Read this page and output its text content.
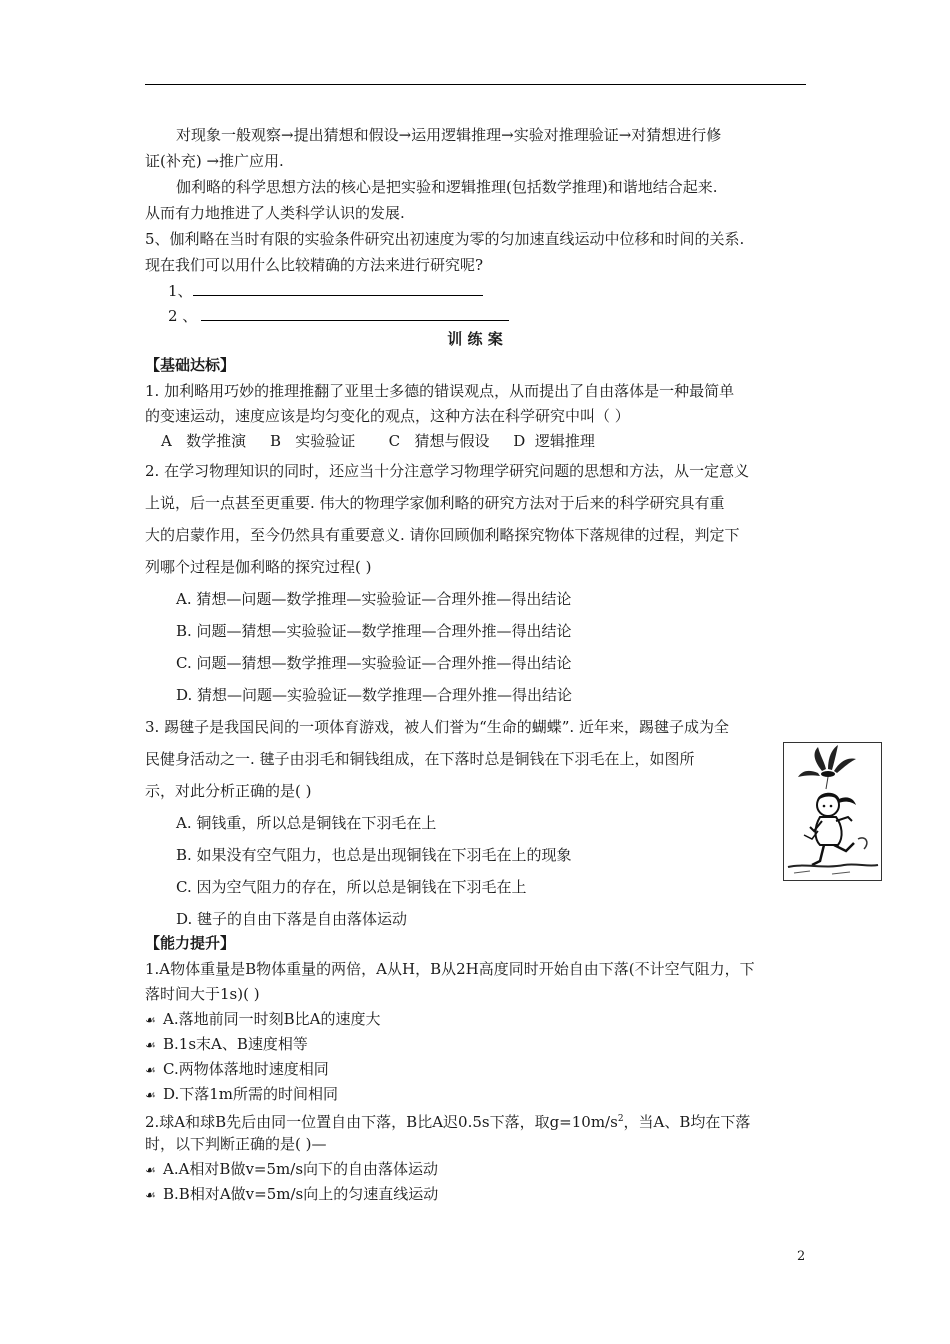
对现象一般观察→提出猜想和假设→运用逻辑推理→实验对推理验证→对猜想进行修
证(补充) →推广应用.
伽利略的科学思想方法的核心是把实验和逻辑推理(包括数学推理)和谐地结合起来.
从而有力地推进了人类科学认识的发展.
5、伽利略在当时有限的实验条件研究出初速度为零的匀加速直线运动中位移和时间的关系.
现在我们可以用什么比较精确的方法来进行研究呢?
1、
2 、
训 练 案
【基础达标】
1. 加利略用巧妙的推理推翻了亚里士多德的错误观点，从而提出了自由落体是一种最简单
的变速运动，速度应该是均匀变化的观点，这种方法在科学研究中叫（ ）
A   数学推演     B   实验验证       C   猜想与假设     D  逻辑推理
2. 在学习物理知识的同时，还应当十分注意学习物理学研究问题的思想和方法，从一定意义
上说，后一点甚至更重要. 伟大的物理学家伽利略的研究方法对于后来的科学研究具有重
大的启蒙作用，至今仍然具有重要意义. 请你回顾伽利略探究物体下落规律的过程，判定下
列哪个过程是伽利略的探究过程( )
A. 猜想—问题—数学推理—实验验证—合理外推—得出结论
B. 问题—猜想—实验验证—数学推理—合理外推—得出结论
C. 问题—猜想—数学推理—实验验证—合理外推—得出结论
D. 猜想—问题—实验验证—数学推理—合理外推—得出结论
3. 踢毽子是我国民间的一项体育游戏，被人们誉为“生命的蝴蝶”. 近年来，踢毽子成为全
民健身活动之一. 毽子由羽毛和铜钱组成，在下落时总是铜钱在下羽毛在上，如图所
示，对此分析正确的是( )
A. 铜钱重，所以总是铜钱在下羽毛在上
B. 如果没有空气阻力，也总是出现铜钱在下羽毛在上的现象
C. 因为空气阻力的存在，所以总是铜钱在下羽毛在上
D. 毽子的自由下落是自由落体运动
【能力提升】
1.A物体重量是B物体重量的两倍，A从H，B从2H高度同时开始自由下落(不计空气阻力，下
落时间大于1s)( )
☙ A.落地前同一时刻B比A的速度大
☙ B.1s末A、B速度相等
☙ C.两物体落地时速度相同
☙ D.下落1m所需的时间相同
2.球A和球B先后由同一位置自由下落，B比A迟0.5s下落，取$g=10m/s^2$，当A、B均在下落
时，以下判断正确的是( )—
☙ A.A相对B做v=5m/s向下的自由落体运动
☙ B.B相对A做v=5m/s向上的匀速直线运动
2
